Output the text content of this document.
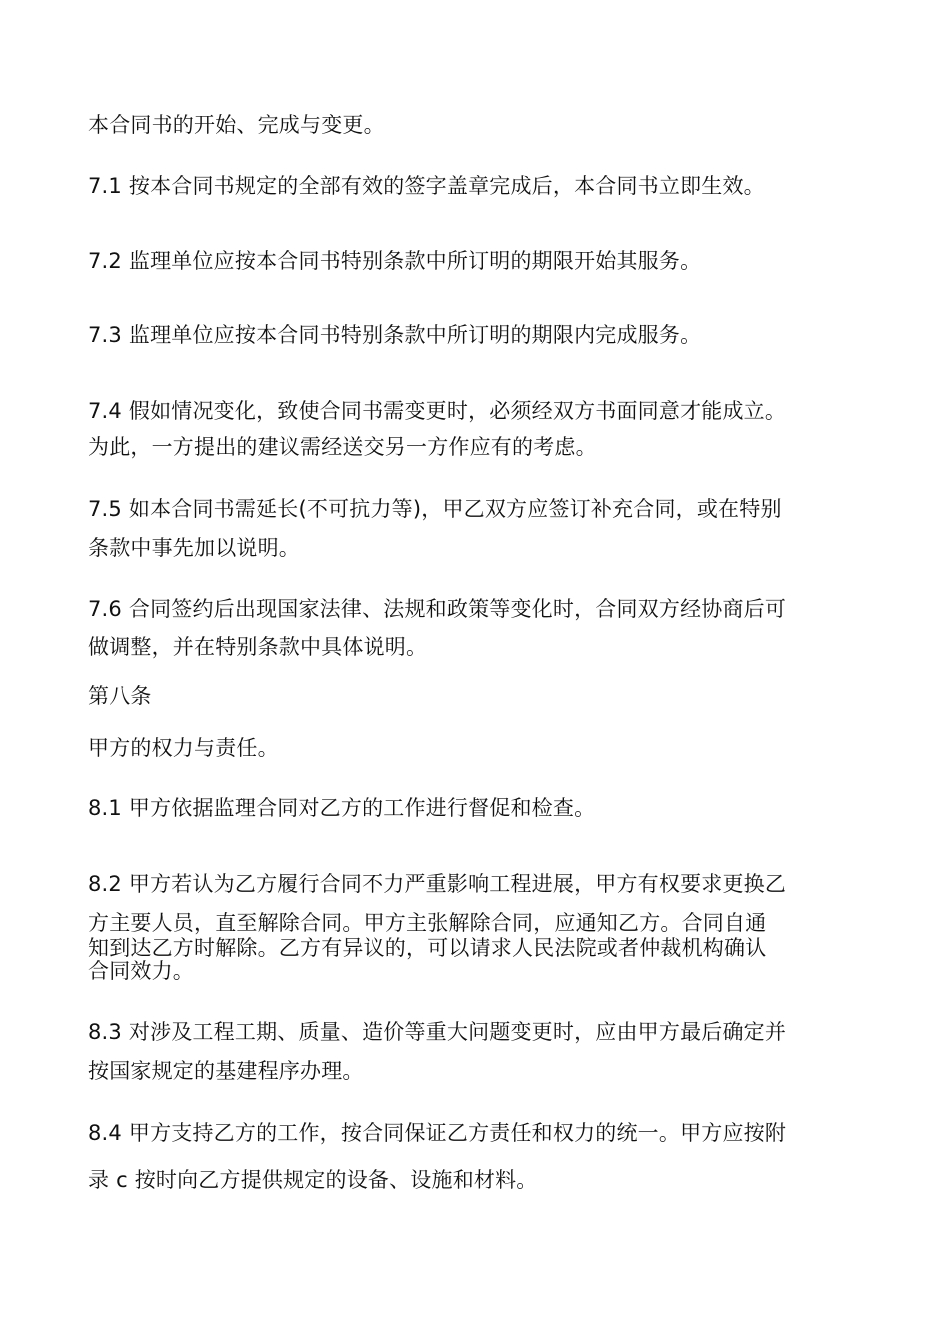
本合同书的开始、完成与变更。
7.1 按本合同书规定的全部有效的签字盖章完成后，本合同书立即生效。
7.2 监理单位应按本合同书特别条款中所订明的期限开始其服务。
7.3 监理单位应按本合同书特别条款中所订明的期限内完成服务。
7.4 假如情况变化，致使合同书需变更时，必须经双方书面同意才能成立。
为此，一方提出的建议需经送交另一方作应有的考虑。
7.5 如本合同书需延长(不可抗力等)，甲乙双方应签订补充合同，或在特别
条款中事先加以说明。
7.6 合同签约后出现国家法律、法规和政策等变化时，合同双方经协商后可
做调整，并在特别条款中具体说明。
第八条
甲方的权力与责任。
8.1 甲方依据监理合同对乙方的工作进行督促和检查。
8.2 甲方若认为乙方履行合同不力严重影响工程进展，甲方有权要求更换乙
方主要人员，直至解除合同。甲方主张解除合同，应通知乙方。合同自通
知到达乙方时解除。乙方有异议的，可以请求人民法院或者仲裁机构确认
合同效力。
8.3 对涉及工程工期、质量、造价等重大问题变更时，应由甲方最后确定并
按国家规定的基建程序办理。
8.4 甲方支持乙方的工作，按合同保证乙方责任和权力的统一。甲方应按附
录 c 按时向乙方提供规定的设备、设施和材料。
